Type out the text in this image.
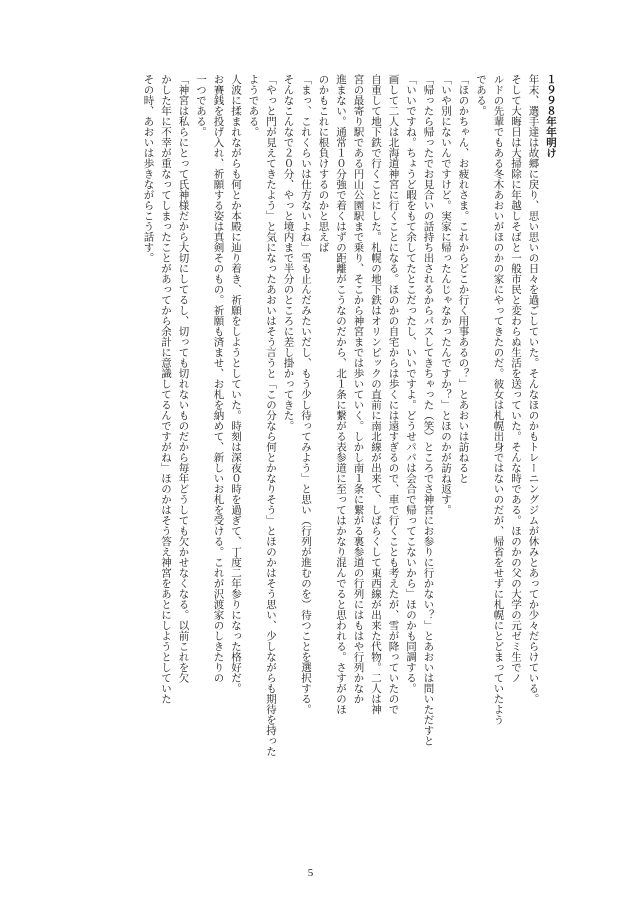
１９９８年年明け
年末、選手達は故郷に戻り、思い思いの日々を過ごしていた。そんなほのかもトレーニングジムが休みとあってか少々だらけている。
そして大晦日は大掃除に年越しそばと一般市民と変わらぬ生活を送っていた。そんな時である。ほのかの父の大学の元ゼミ生でノ
ルドの先輩でもある冬木あおいがほのかの家にやってきたのだ。彼女は札幌出身ではないのだが、帰省をせずに札幌にとどまっていたよう
である。
「ほのかちゃん、お疲れさま。これからどこか行く用事あるの？」とあおいは訪ねると
「いや別にないんですけど。実家に帰ったんじゃなかったんですか？」とほのかが訪ね返す。
「帰ったら帰ったでお見合いの話持ち出されるからパスしてきちゃった（笑）ところでさ神宮にお参りに行かない？」とあおいは問いただすと
「いいですね。ちょうど暇をもて余してたとこだったし、いいですよ。どうせパパは会合で帰ってこないから」ほのかも同調する。
画して二人は北海道神宮に行くことになる。ほのかの自宅からは歩くには遠すぎるので、車で行くことも考えたが、雪が降っていたので
自重して地下鉄で行くことにした。札幌の地下鉄はオリンピックの直前に南北線が出来て、しばらくして東西線が出来た代物。二人は神
宮の最寄り駅である円山公園駅まで乗り、そこから神宮までは歩いていく。しかし南１条に繋がる裏参道の行列にはもはや行列かなか
進まない。通常１０分強で着くはずの距離がこうなのだから、北１条に繋がる表参道に至ってはかなり混んでると思われる。さすがのほ
のかもこれに根負けするのかと思えば
「まっ、これくらいは仕方ないよね」雪も止んだみたいだし、もう少し待ってみよう」と思い（行列が進むのを）待つことを選択する。
そんなこんなで２０分、やっと境内まで半分のところに差し掛かってきた。
「やっと門が見えてきたよう」と気になったあおいはそう言うと「この分なら何とかなりそう」とほのかはそう思い、少しながらも期待を持った
ようである。
人波に揉まれながらも何とか本殿に辿り着き、祈願をしようとしていた。時刻は深夜０時を過ぎて、丁度二年参りになった格好だ。
お賽銭を投げ入れ、祈願する姿は真剣そのもの。祈願も済ませ、お札を納めて、新しいお札を受ける。これが沢渡家のしきたりの
一つである。
「神宮は私らにとって氏神様だから大切にしてるし、切っても切れないものだから毎年どうしても欠かせなくなる。以前これを欠
かした年に不幸が重なってしまったことがあってから余計に意識してるんですがね」ほのかはそう答え神宮をあとにしようとしていた
その時、あおいは歩きながらこう話す。
5
